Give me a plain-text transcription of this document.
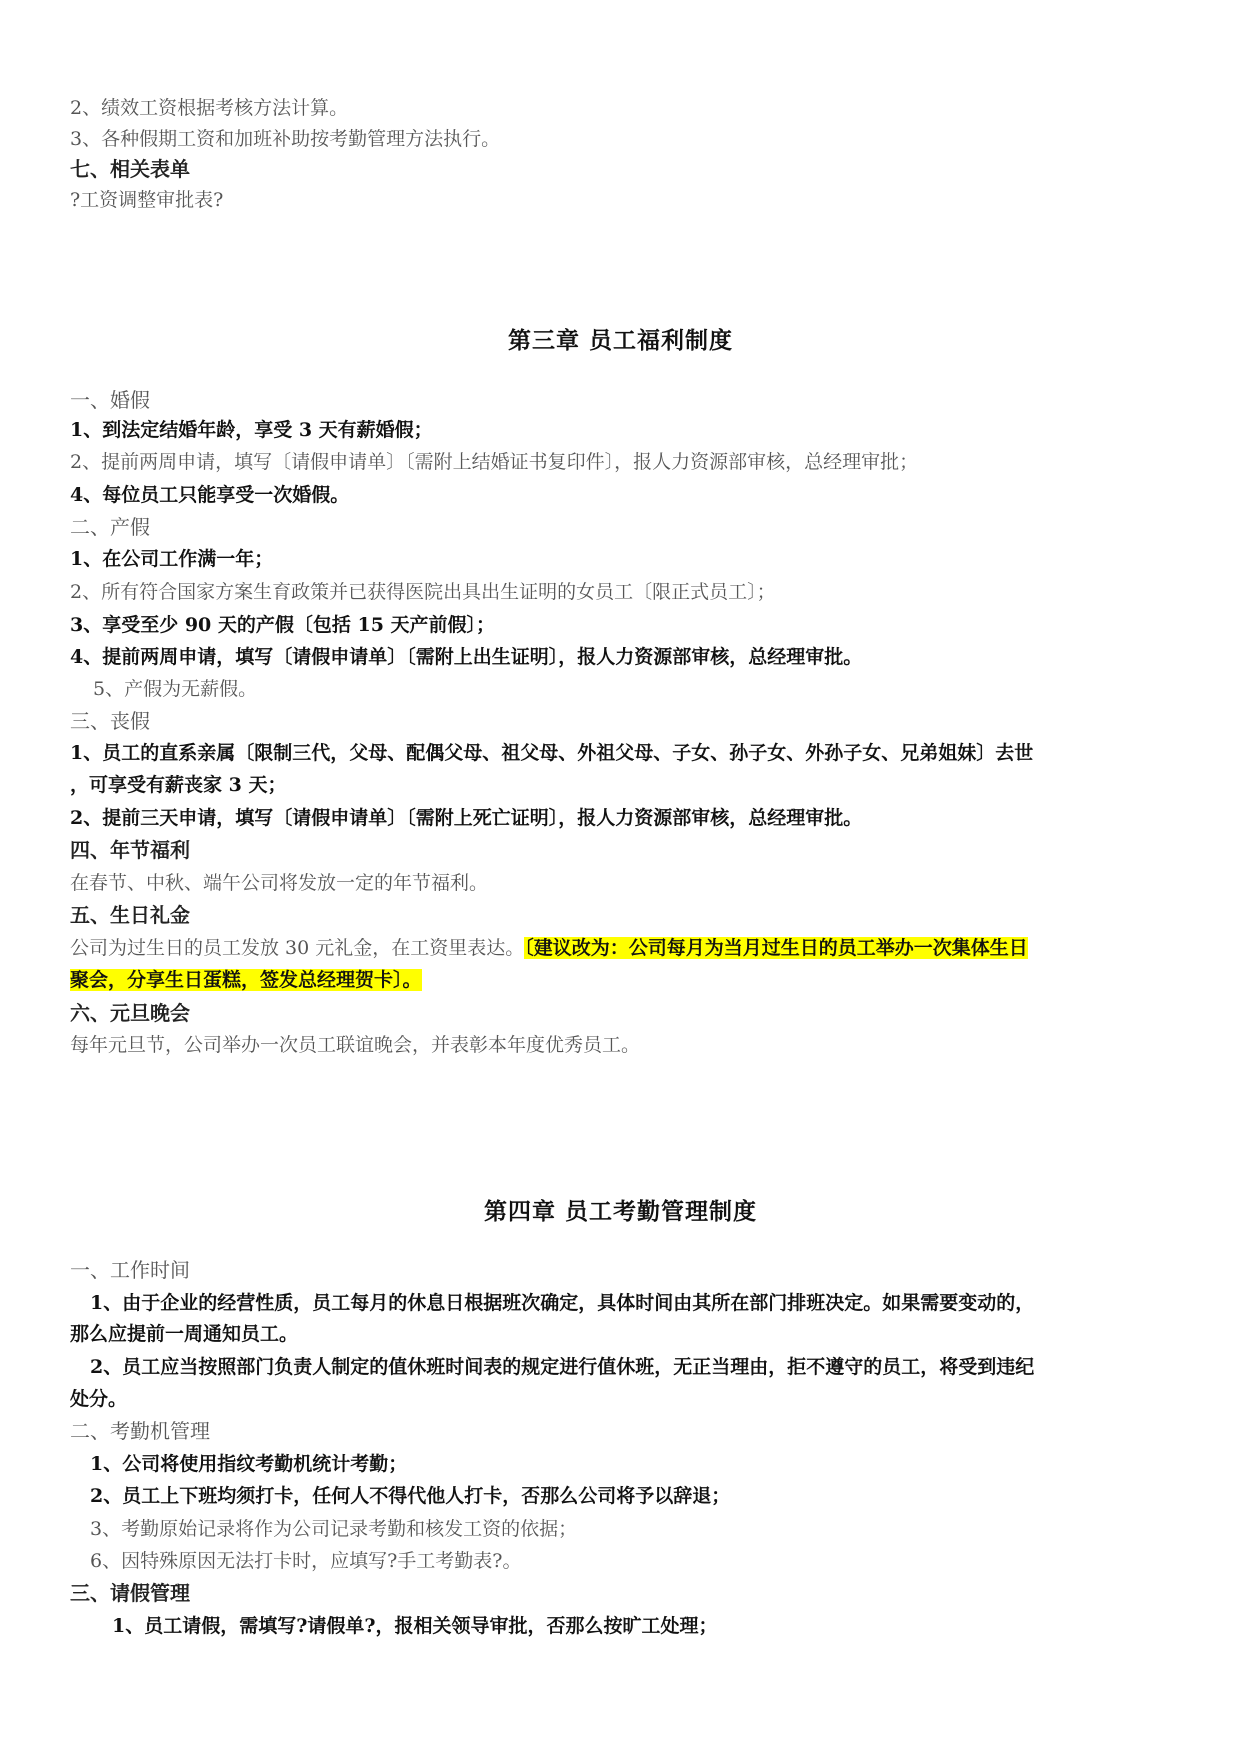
2、绩效工资根据考核方法计算。
3、各种假期工资和加班补助按考勤管理方法执行。
七、相关表单
?工资调整审批表?
第三章 员工福利制度
一、婚假
1、到法定结婚年龄，享受 3 天有薪婚假；
2、提前两周申请，填写〔请假申请单〕〔需附上结婚证书复印件〕，报人力资源部审核，总经理审批；
4、每位员工只能享受一次婚假。
二、产假
1、在公司工作满一年；
2、所有符合国家方案生育政策并已获得医院出具出生证明的女员工〔限正式员工〕；
3、享受至少 90 天的产假〔包括 15 天产前假〕；
4、提前两周申请，填写〔请假申请单〕〔需附上出生证明〕，报人力资源部审核，总经理审批。
5、产假为无薪假。
三、丧假
1、员工的直系亲属〔限制三代，父母、配偶父母、祖父母、外祖父母、子女、孙子女、外孙子女、兄弟姐妹〕去世
，可享受有薪丧家 3 天；
2、提前三天申请，填写〔请假申请单〕〔需附上死亡证明〕，报人力资源部审核，总经理审批。
四、年节福利
在春节、中秋、端午公司将发放一定的年节福利。
五、生日礼金
公司为过生日的员工发放 30 元礼金，在工资里表达。〔建议改为：公司每月为当月过生日的员工举办一次集体生日
聚会，分享生日蛋糕，签发总经理贺卡〕。
六、元旦晚会
每年元旦节，公司举办一次员工联谊晚会，并表彰本年度优秀员工。
第四章 员工考勤管理制度
一、工作时间
1、由于企业的经营性质，员工每月的休息日根据班次确定，具体时间由其所在部门排班决定。如果需要变动的，
那么应提前一周通知员工。
2、员工应当按照部门负责人制定的值休班时间表的规定进行值休班，无正当理由，拒不遵守的员工，将受到违纪
处分。
二、考勤机管理
1、公司将使用指纹考勤机统计考勤；
2、员工上下班均须打卡，任何人不得代他人打卡，否那么公司将予以辞退；
3、考勤原始记录将作为公司记录考勤和核发工资的依据；
6、因特殊原因无法打卡时，应填写?手工考勤表?。
三、请假管理
1、员工请假，需填写?请假单?，报相关领导审批，否那么按旷工处理；
